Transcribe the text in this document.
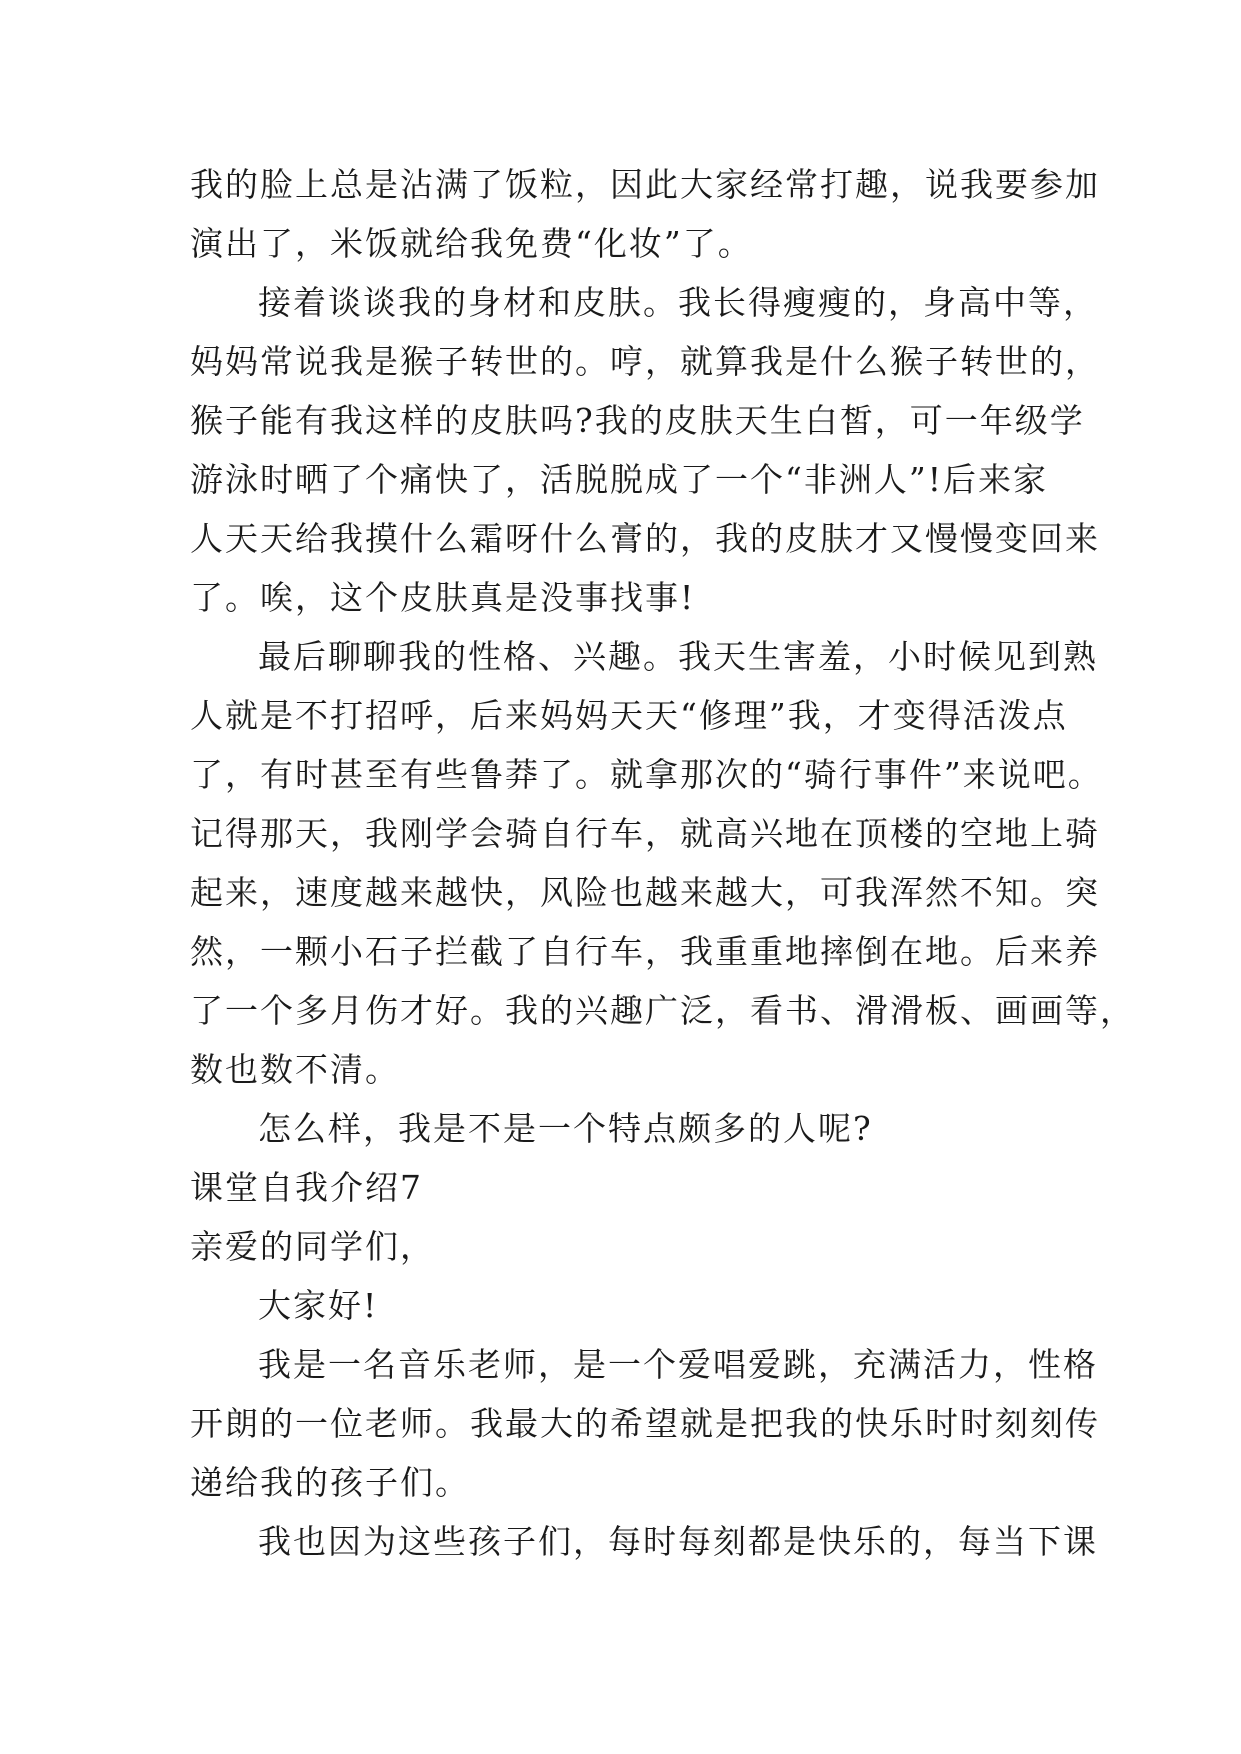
我的脸上总是沾满了饭粒，因此大家经常打趣，说我要参加
演出了，米饭就给我免费“化妆”了。
接着谈谈我的身材和皮肤。我长得瘦瘦的，身高中等，
妈妈常说我是猴子转世的。哼，就算我是什么猴子转世的，
猴子能有我这样的皮肤吗?我的皮肤天生白皙，可一年级学
游泳时晒了个痛快了，活脱脱成了一个“非洲人”!后来家
人天天给我摸什么霜呀什么膏的，我的皮肤才又慢慢变回来
了。唉，这个皮肤真是没事找事!
最后聊聊我的性格、兴趣。我天生害羞，小时候见到熟
人就是不打招呼，后来妈妈天天“修理”我，才变得活泼点
了，有时甚至有些鲁莽了。就拿那次的“骑行事件”来说吧。
记得那天，我刚学会骑自行车，就高兴地在顶楼的空地上骑
起来，速度越来越快，风险也越来越大，可我浑然不知。突
然，一颗小石子拦截了自行车，我重重地摔倒在地。后来养
了一个多月伤才好。我的兴趣广泛，看书、滑滑板、画画等，
数也数不清。
怎么样，我是不是一个特点颇多的人呢?
课堂自我介绍7
亲爱的同学们，
大家好!
我是一名音乐老师，是一个爱唱爱跳，充满活力，性格
开朗的一位老师。我最大的希望就是把我的快乐时时刻刻传
递给我的孩子们。
我也因为这些孩子们，每时每刻都是快乐的，每当下课
